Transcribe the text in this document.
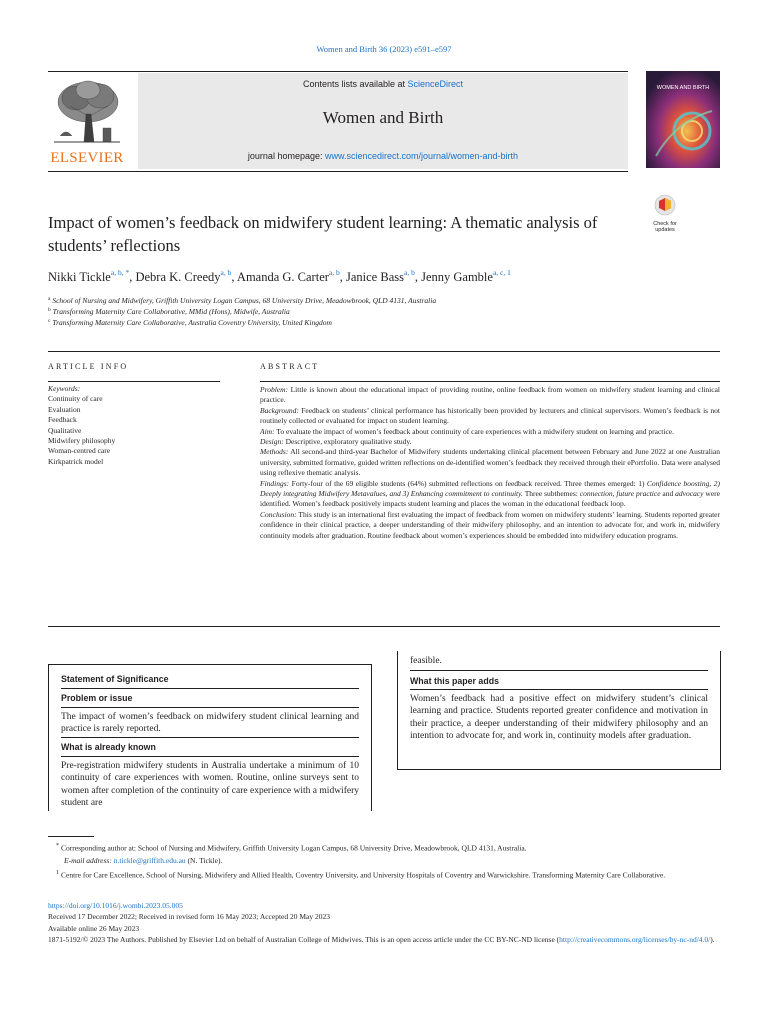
Women and Birth 36 (2023) e591–e597
ELSEVIER
Contents lists available at ScienceDirect
Women and Birth
journal homepage: www.sciencedirect.com/journal/women-and-birth
WOMEN AND BIRTH
Impact of women’s feedback on midwifery student learning: A thematic analysis of students’ reflections
Check for updates
Nikki Tickle$^{a, b, *}$, Debra K. Creedy$^{a, b}$, Amanda G. Carter$^{a, b}$, Janice Bass$^{a, b}$, Jenny Gamble$^{a, c, 1}$
$^a$ School of Nursing and Midwifery, Griffith University Logan Campus, 68 University Drive, Meadowbrook, QLD 4131, Australia
$^b$ Transforming Maternity Care Collaborative, MMid (Hons), Midwife, Australia
$^c$ Transforming Maternity Care Collaborative, Australia Coventry University, United Kingdom
ARTICLE INFO	ABSTRACT
Keywords:
Continuity of care
Evaluation
Feedback
Qualitative
Midwifery philosophy
Woman-centred care
Kirkpatrick model

Problem: Little is known about the educational impact of providing routine, online feedback from women on midwifery student learning and clinical practice.

Background: Feedback on students’ clinical performance has historically been provided by lecturers and clinical supervisors. Women’s feedback is not routinely collected or evaluated for impact on student learning.

Aim: To evaluate the impact of women’s feedback about continuity of care experiences with a midwifery student on learning and practice.

Design: Descriptive, exploratory qualitative study.

Methods: All second-and third-year Bachelor of Midwifery students undertaking clinical placement between February and June 2022 at one Australian university, submitted formative, guided written reflections on de-identified women’s feedback they received through their ePortfolio. Data were analysed using reflexive thematic analysis.

Findings: Forty-four of the 69 eligible students (64%) submitted reflections on feedback received. Three themes emerged: 1) Confidence boosting, 2) Deeply integrating Midwifery Metavalues, and 3) Enhancing commitment to continuity. Three subthemes: connection, future practice and advocacy were identified. Women’s feedback positively impacts student learning and places the woman in the educational feedback loop.

Conclusion: This study is an international first evaluating the impact of feedback from women on midwifery students’ learning. Students reported greater confidence in their clinical practice, a deeper understanding of their midwifery philosophy, and an intention to advocate for, and work in, midwifery continuity models after graduation. Routine feedback about women’s experiences should be embedded into midwifery education programs.

Statement of Significance
Problem or issue
The impact of women’s feedback on midwifery student clinical learning and practice is rarely reported.
What is already known
Pre-registration midwifery students in Australia undertake a minimum of 10 continuity of care experiences with women. Routine, online surveys sent to women after completion of the continuity of care experience with a midwifery student are
feasible.
What this paper adds
Women’s feedback had a positive effect on midwifery student’s clinical learning and practice. Students reported greater confidence and motivation in their practice, a deeper understanding of their midwifery philosophy and an intention to advocate for, and work in, continuity models after graduation.
* Corresponding author at: School of Nursing and Midwifery, Griffith University Logan Campus, 68 University Drive, Meadowbrook, QLD 4131, Australia.
E-mail address: n.tickle@griffith.edu.au (N. Tickle).
$^1$ Centre for Care Excellence, School of Nursing, Midwifery and Allied Health, Coventry University, and University Hospitals of Coventry and Warwickshire. Transforming Maternity Care Collaborative.
https://doi.org/10.1016/j.wombi.2023.05.005
Received 17 December 2022; Received in revised form 16 May 2023; Accepted 20 May 2023
Available online 26 May 2023
1871-5192/© 2023 The Authors. Published by Elsevier Ltd on behalf of Australian College of Midwives. This is an open access article under the CC BY-NC-ND license (http://creativecommons.org/licenses/by-nc-nd/4.0/).
